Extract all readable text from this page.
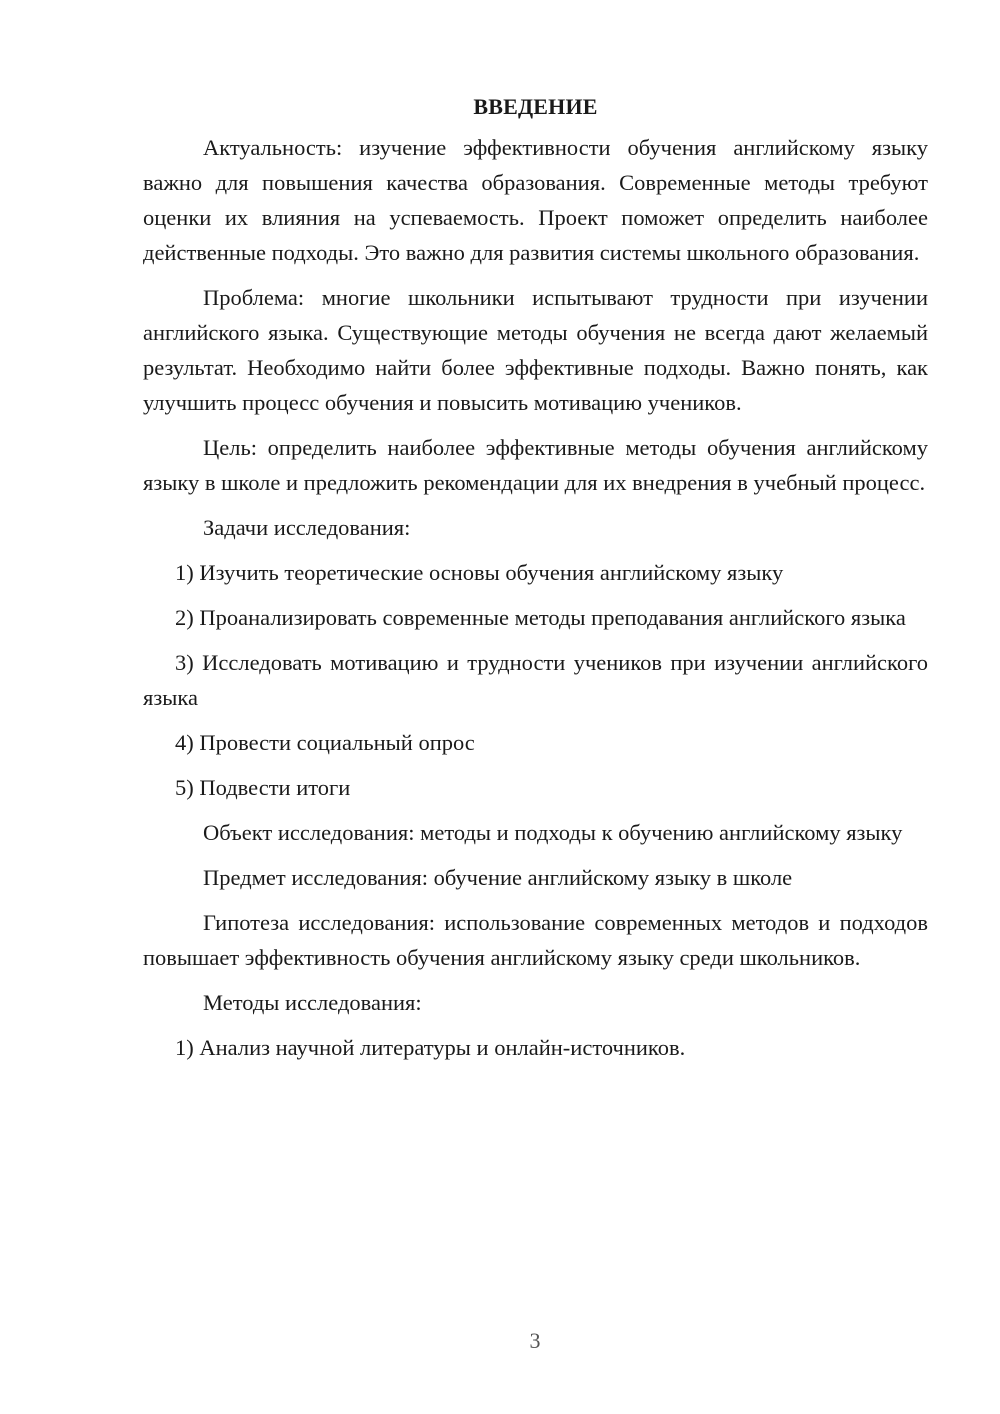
ВВЕДЕНИЕ

Актуальность: изучение эффективности обучения английскому языку важно для повышения качества образования. Современные методы требуют оценки их влияния на успеваемость. Проект поможет определить наиболее действенные подходы. Это важно для развития системы школьного образования.

Проблема: многие школьники испытывают трудности при изучении английского языка. Существующие методы обучения не всегда дают желаемый результат. Необходимо найти более эффективные подходы. Важно понять, как улучшить процесс обучения и повысить мотивацию учеников.

Цель: определить наиболее эффективные методы обучения английскому языку в школе и предложить рекомендации для их внедрения в учебный процесс.

Задачи исследования:

1) Изучить теоретические основы обучения английскому языку

2) Проанализировать современные методы преподавания английского языка

3) Исследовать мотивацию и трудности учеников при изучении английского языка

4) Провести социальный опрос

5) Подвести итоги

Объект исследования: методы и подходы к обучению английскому языку

Предмет исследования: обучение английскому языку в школе

Гипотеза исследования: использование современных методов и подходов повышает эффективность обучения английскому языку среди школьников.

Методы исследования:

1) Анализ научной литературы и онлайн-источников.

3
